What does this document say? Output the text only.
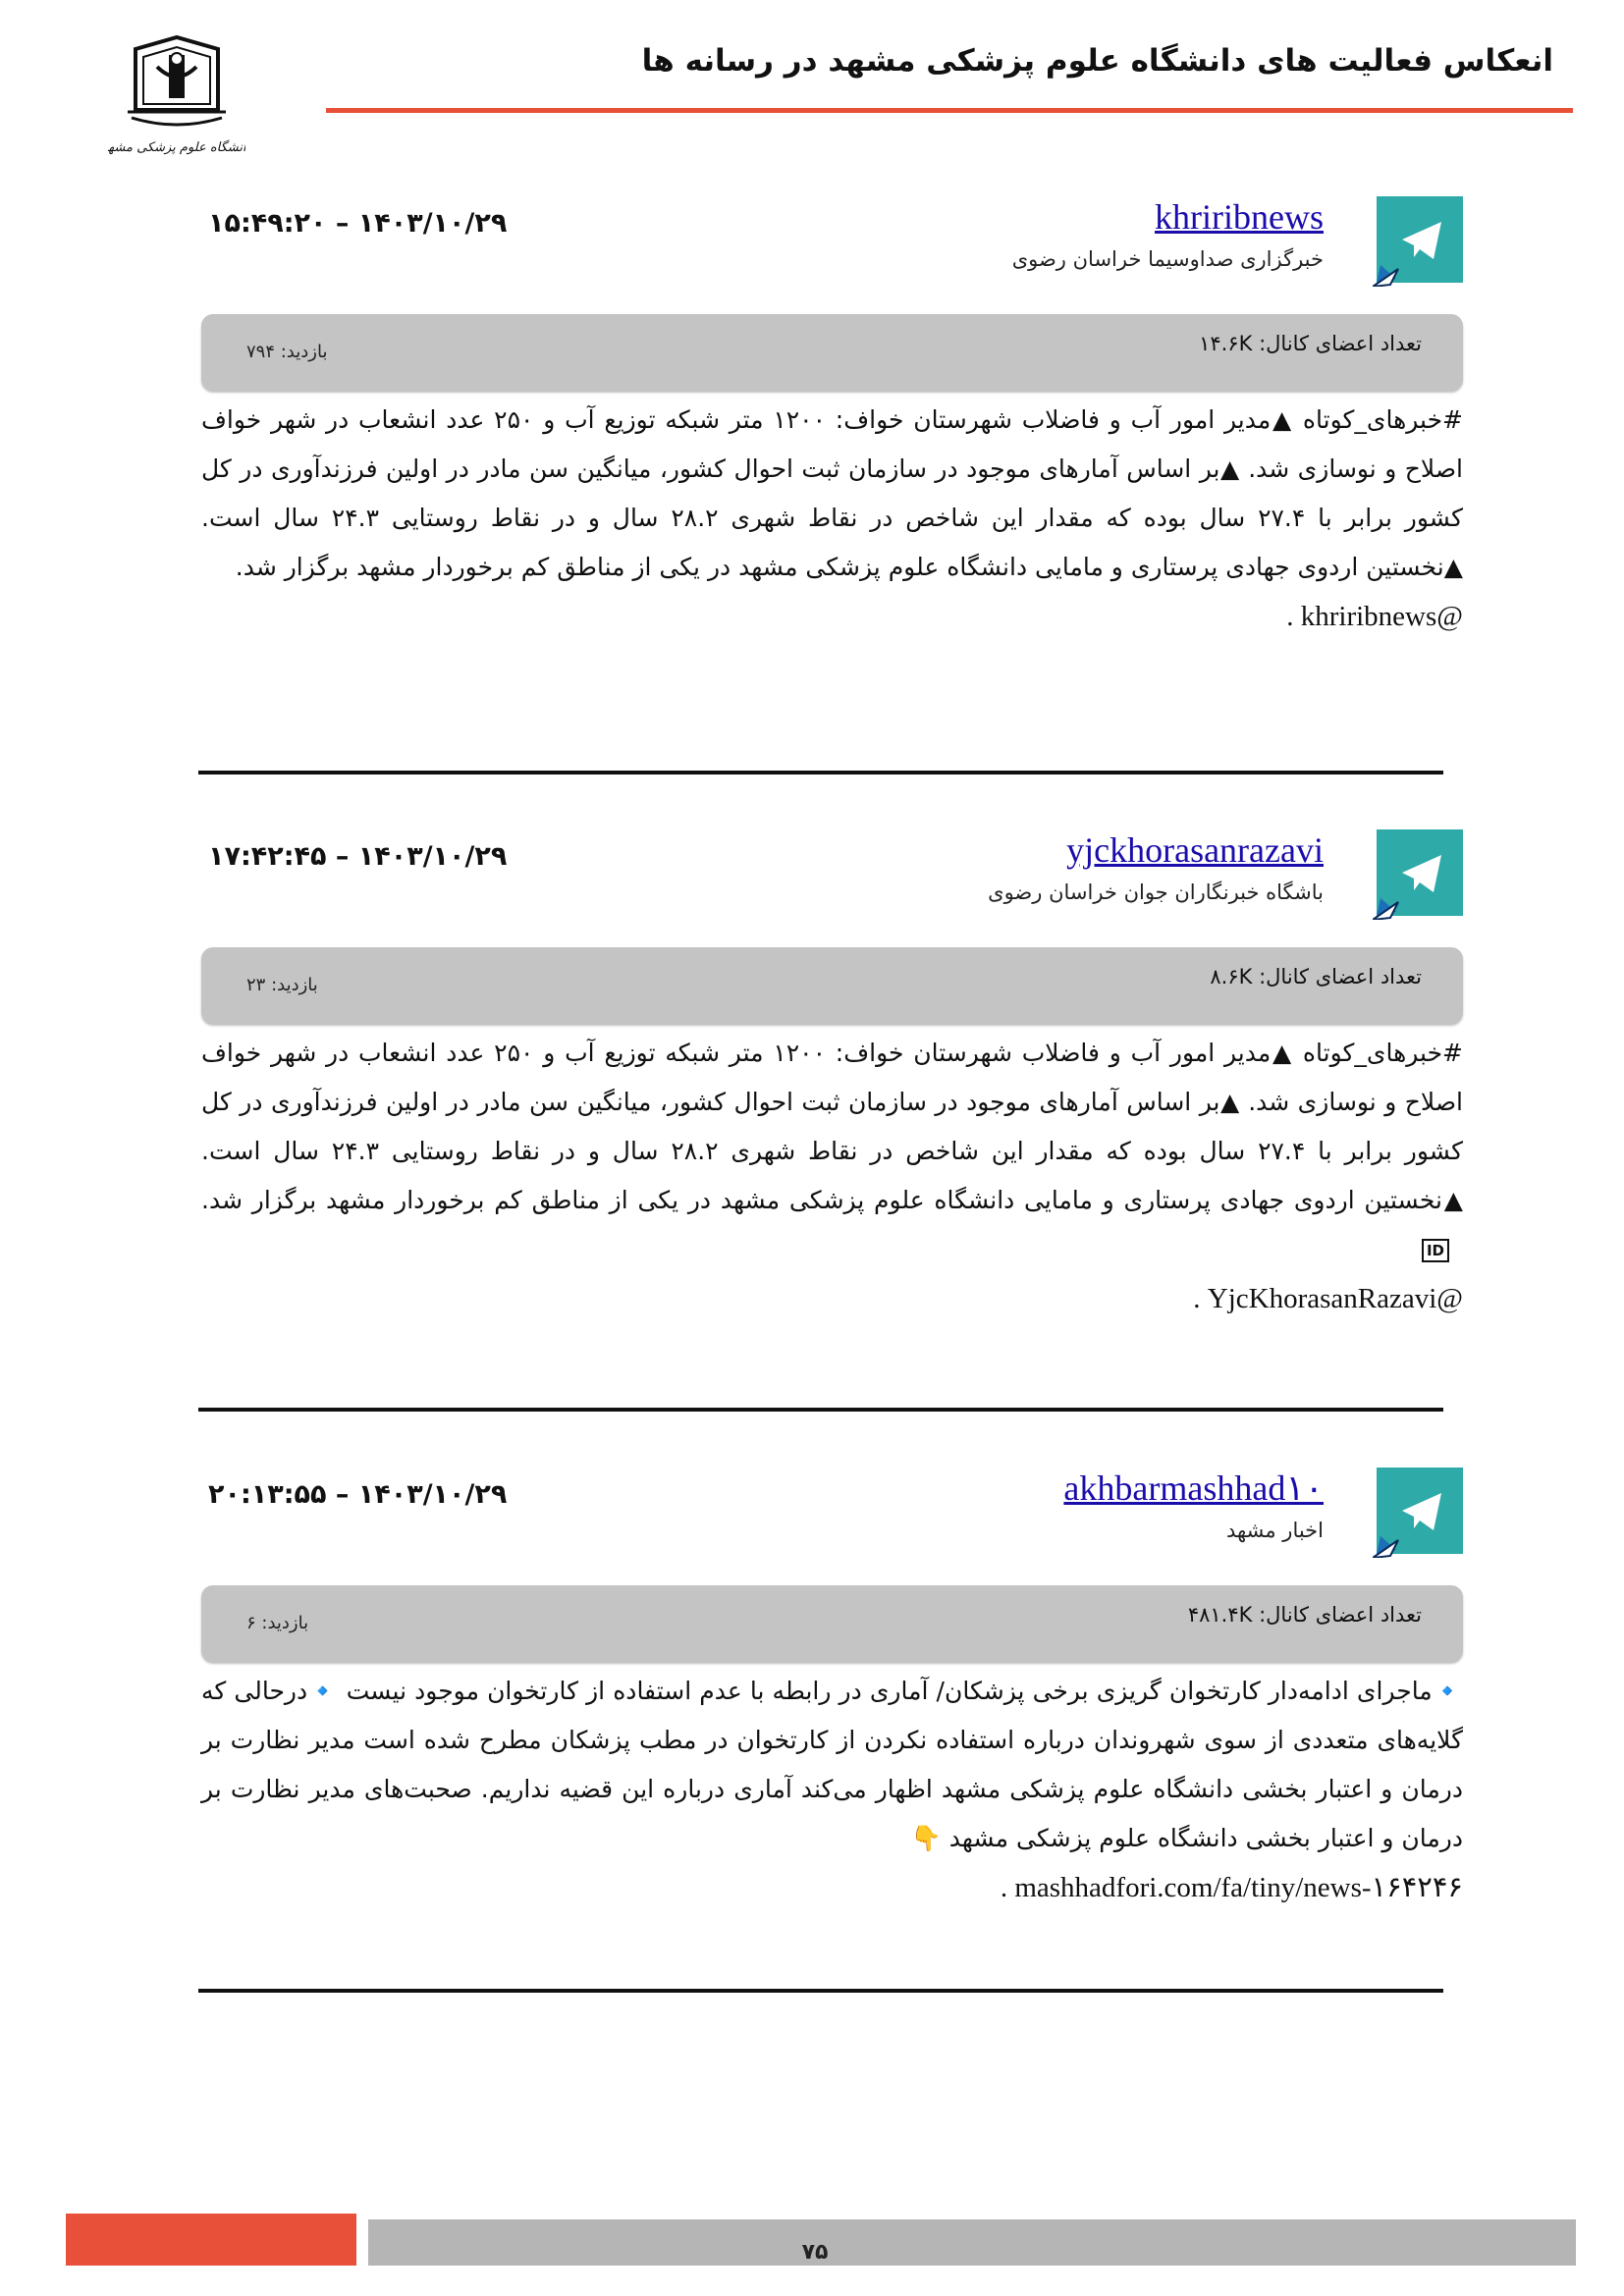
دانشگاه علوم پزشکی مشهد
انعکاس فعالیت های دانشگاه علوم پزشکی مشهد در رسانه ها
khriribnews
خبرگزاری صداوسیما خراسان رضوی
۱۵:۴۹:۲۰ – ۱۴۰۳/۱۰/۲۹
تعداد اعضای کانال: ۱۴.۶K
بازدید: ۷۹۴
#خبرهای_کوتاه ▲مدیر امور آب و فاضلاب شهرستان خواف: ۱۲۰۰ متر شبکه توزیع آب و ۲۵۰ عدد انشعاب در شهر خواف اصلاح و نوسازی شد. ▲بر اساس آمارهای موجود در سازمان ثبت احوال کشور، میانگین سن مادر در اولین فرزندآوری در کل کشور برابر با ۲۷.۴ سال بوده که مقدار این شاخص در نقاط شهری ۲۸.۲ سال و در نقاط روستایی ۲۴.۳ سال است. ▲نخستین اردوی جهادی پرستاری و مامایی دانشگاه علوم پزشکی مشهد در یکی از مناطق کم برخوردار مشهد برگزار شد.
@khriribnews .
yjckhorasanrazavi
باشگاه خبرنگاران جوان خراسان رضوی
۱۷:۴۲:۴۵ – ۱۴۰۳/۱۰/۲۹
تعداد اعضای کانال: ۸.۶K
بازدید: ۲۳
#خبرهای_کوتاه ▲مدیر امور آب و فاضلاب شهرستان خواف: ۱۲۰۰ متر شبکه توزیع آب و ۲۵۰ عدد انشعاب در شهر خواف اصلاح و نوسازی شد. ▲بر اساس آمارهای موجود در سازمان ثبت احوال کشور، میانگین سن مادر در اولین فرزندآوری در کل کشور برابر با ۲۷.۴ سال بوده که مقدار این شاخص در نقاط شهری ۲۸.۲ سال و در نقاط روستایی ۲۴.۳ سال است. ▲نخستین اردوی جهادی پرستاری و مامایی دانشگاه علوم پزشکی مشهد در یکی از مناطق کم برخوردار مشهد برگزار شد.ID
@YjcKhorasanRazavi .
akhbarmashhad۱۰
اخبار مشهد
۲۰:۱۳:۵۵ – ۱۴۰۳/۱۰/۲۹
تعداد اعضای کانال: ۴۸۱.۴K
بازدید: ۶
🔹ماجرای ادامه‌دار کارتخوان گریزی برخی پزشکان/ آماری در رابطه با عدم استفاده از کارتخوان موجود نیست 🔹درحالی که گلایه‌های متعددی از سوی شهروندان درباره استفاده نکردن از کارتخوان در مطب پزشکان مطرح شده است مدیر نظارت بر درمان و اعتبار بخشی دانشگاه علوم پزشکی مشهد اظهار می‌کند آماری درباره این قضیه نداریم. صحبت‌های مدیر نظارت بر درمان و اعتبار بخشی دانشگاه علوم پزشکی مشهد 👇
mashhadfori.com/fa/tiny/news-۱۶۴۲۴۶ .
۷۵
